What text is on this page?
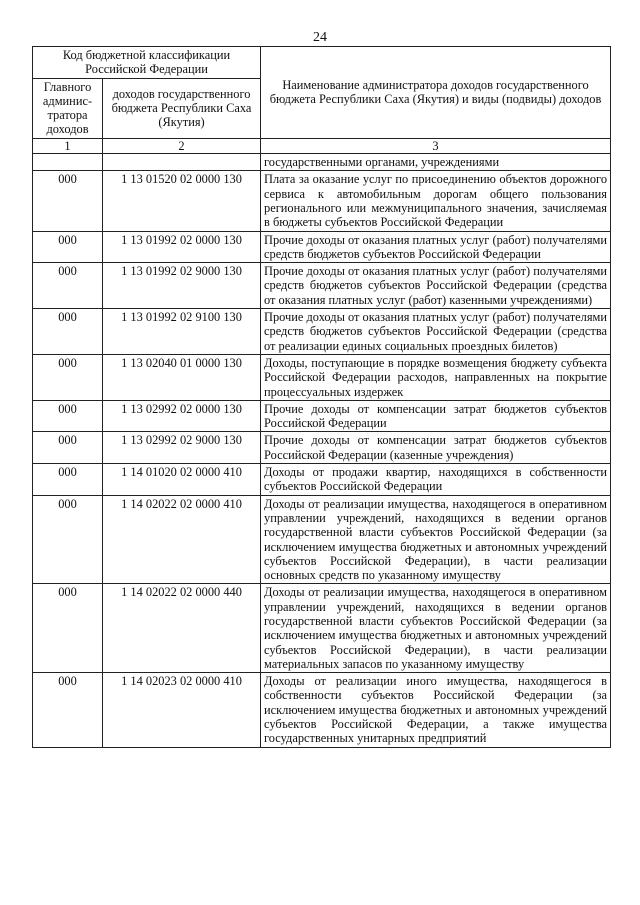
24
Код бюджетной классификации Российской Федерации		Наименование администратора доходов государственного бюджета Республики Саха (Якутия) и виды (подвиды) доходов
Главного админис-тратора доходов	доходов государственного бюджета Республики Саха (Якутия)	
1	2	3
		государственными органами, учреждениями
000	1 13 01520 02 0000 130	Плата за оказание услуг по присоединению объектов дорожного сервиса к автомобильным дорогам общего пользования регионального или межмуниципального значения, зачисляемая в бюджеты субъектов Российской Федерации
000	1 13 01992 02 0000 130	Прочие доходы от оказания платных услуг (работ) получателями средств бюджетов субъектов Российской Федерации
000	1 13 01992 02 9000 130	Прочие доходы от оказания платных услуг (работ) получателями средств бюджетов субъектов Российской Федерации (средства от оказания платных услуг (работ) казенными учреждениями)
000	1 13 01992 02 9100 130	Прочие доходы от оказания платных услуг (работ) получателями средств бюджетов субъектов Российской Федерации (средства от реализации единых социальных проездных билетов)
000	1 13 02040 01 0000 130	Доходы, поступающие в порядке возмещения бюджету субъекта Российской Федерации расходов, направленных на покрытие процессуальных издержек
000	1 13 02992 02 0000 130	Прочие доходы от компенсации затрат бюджетов субъектов Российской Федерации
000	1 13 02992 02 9000 130	Прочие доходы от компенсации затрат бюджетов субъектов Российской Федерации (казенные учреждения)
000	1 14 01020 02 0000 410	Доходы от продажи квартир, находящихся в собственности субъектов Российской Федерации
000	1 14 02022 02 0000 410	Доходы от реализации имущества, находящегося в оперативном управлении учреждений, находящихся в ведении органов государственной власти субъектов Российской Федерации (за исключением имущества бюджетных и автономных учреждений субъектов Российской Федерации), в части реализации основных средств по указанному имуществу
000	1 14 02022 02 0000 440	Доходы от реализации имущества, находящегося в оперативном управлении учреждений, находящихся в ведении органов государственной власти субъектов Российской Федерации (за исключением имущества бюджетных и автономных учреждений субъектов Российской Федерации), в части реализации материальных запасов по указанному имуществу
000	1 14 02023 02 0000 410	Доходы от реализации иного имущества, находящегося в собственности субъектов Российской Федерации (за исключением имущества бюджетных и автономных учреждений субъектов Российской Федерации, а также имущества государственных унитарных предприятий
